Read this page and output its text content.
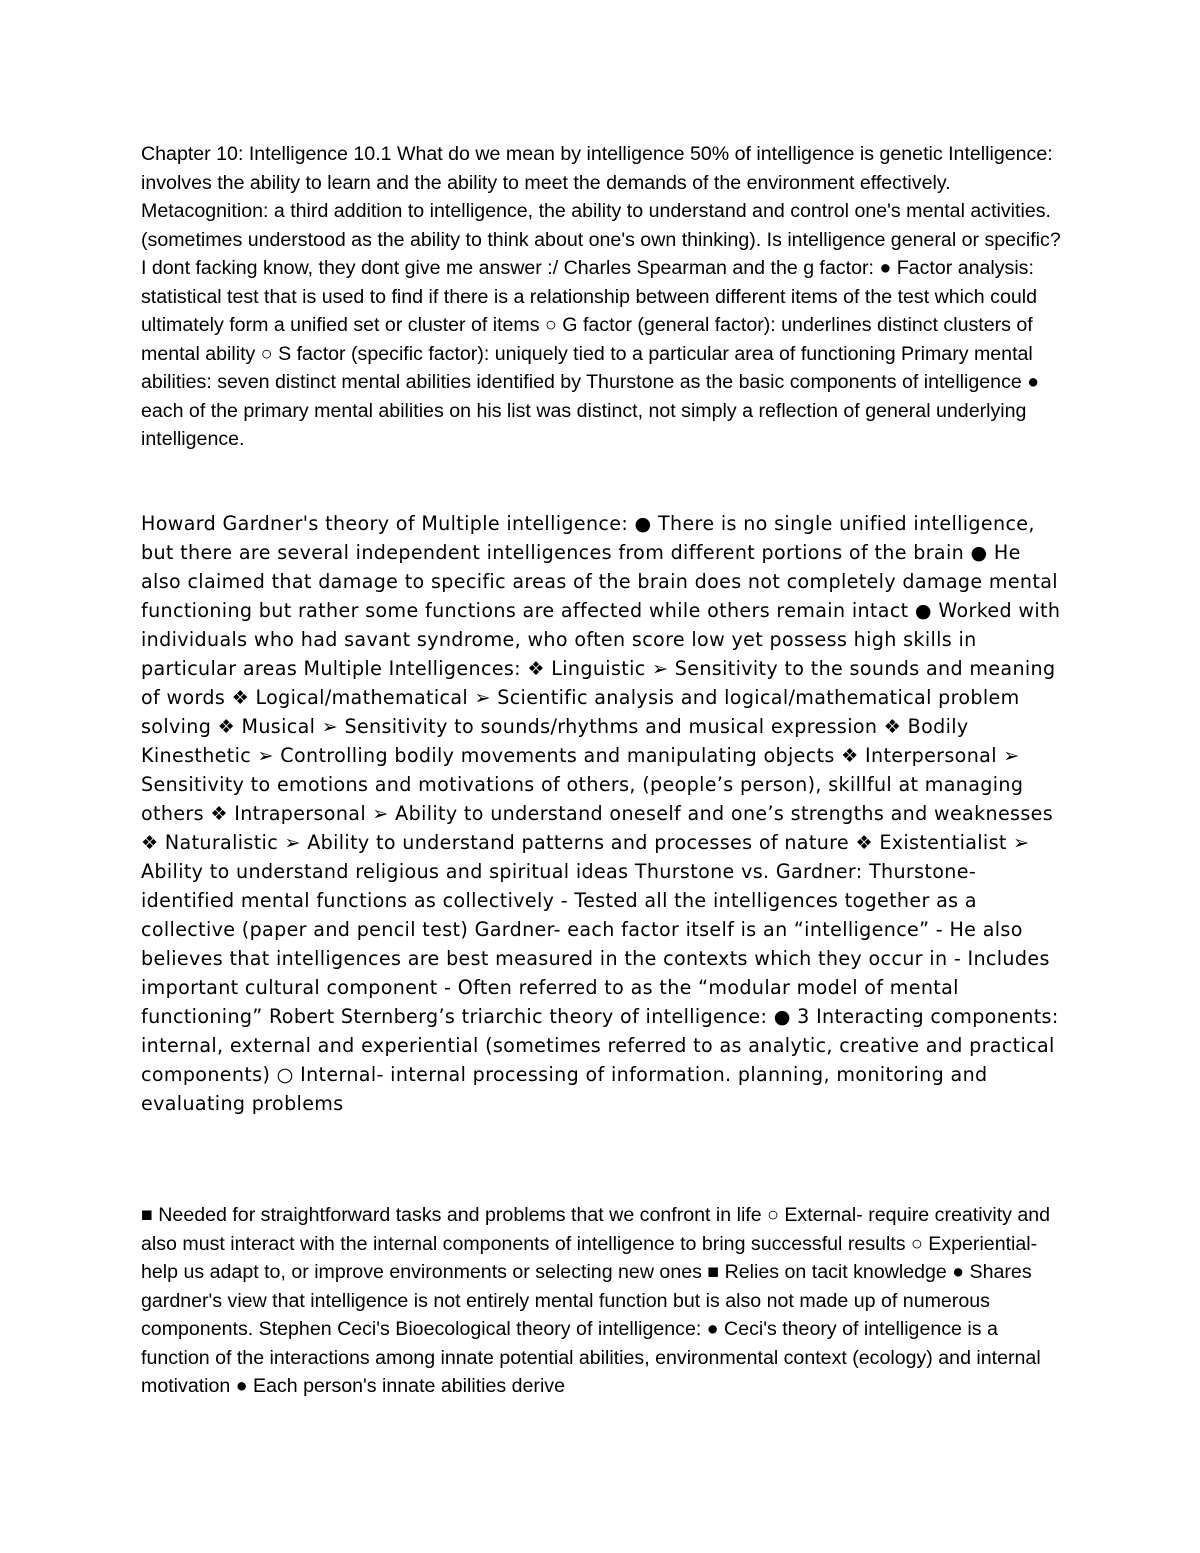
Chapter 10: Intelligence 10.1 What do we mean by intelligence 50% of intelligence is genetic Intelligence: involves the ability to learn and the ability to meet the demands of the environment effectively. Metacognition: a third addition to intelligence, the ability to understand and control one's mental activities. (sometimes understood as the ability to think about one's own thinking). Is intelligence general or specific? I dont facking know, they dont give me answer :/ Charles Spearman and the g factor: ● Factor analysis: statistical test that is used to find if there is a relationship between different items of the test which could ultimately form a unified set or cluster of items ○ G factor (general factor): underlines distinct clusters of mental ability ○ S factor (specific factor): uniquely tied to a particular area of functioning Primary mental abilities: seven distinct mental abilities identified by Thurstone as the basic components of intelligence ● each of the primary mental abilities on his list was distinct, not simply a reflection of general underlying intelligence.

Howard Gardner's theory of Multiple intelligence: ● There is no single unified intelligence, but there are several independent intelligences from different portions of the brain ● He also claimed that damage to specific areas of the brain does not completely damage mental functioning but rather some functions are affected while others remain intact ● Worked with individuals who had savant syndrome, who often score low yet possess high skills in particular areas Multiple Intelligences: ❖ Linguistic ➢ Sensitivity to the sounds and meaning of words ❖ Logical/mathematical ➢ Scientific analysis and logical/mathematical problem solving ❖ Musical ➢ Sensitivity to sounds/rhythms and musical expression ❖ Bodily Kinesthetic ➢ Controlling bodily movements and manipulating objects ❖ Interpersonal ➢ Sensitivity to emotions and motivations of others, (people’s person), skillful at managing others ❖ Intrapersonal ➢ Ability to understand oneself and one’s strengths and weaknesses ❖ Naturalistic ➢ Ability to understand patterns and processes of nature ❖ Existentialist ➢ Ability to understand religious and spiritual ideas Thurstone vs. Gardner: Thurstone- identified mental functions as collectively - Tested all the intelligences together as a collective (paper and pencil test) Gardner- each factor itself is an “intelligence” - He also believes that intelligences are best measured in the contexts which they occur in - Includes important cultural component - Often referred to as the “modular model of mental functioning” Robert Sternberg’s triarchic theory of intelligence: ● 3 Interacting components: internal, external and experiential (sometimes referred to as analytic, creative and practical components) ○ Internal- internal processing of information. planning, monitoring and evaluating problems

■ Needed for straightforward tasks and problems that we confront in life ○ External- require creativity and also must interact with the internal components of intelligence to bring successful results ○ Experiential- help us adapt to, or improve environments or selecting new ones ■ Relies on tacit knowledge ● Shares gardner's view that intelligence is not entirely mental function but is also not made up of numerous components. Stephen Ceci's Bioecological theory of intelligence: ● Ceci's theory of intelligence is a function of the interactions among innate potential abilities, environmental context (ecology) and internal motivation ● Each person's innate abilities derive
